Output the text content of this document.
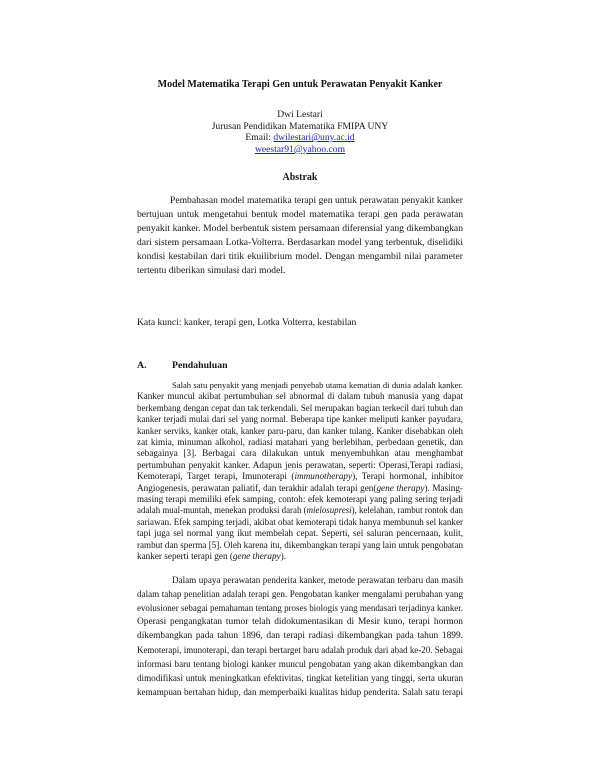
Model Matematika Terapi Gen untuk Perawatan Penyakit Kanker
Dwi Lestari
Jurusan Pendidikan Matematika FMIPA UNY
Email: dwilestari@uny.ac.id
weestar91@yahoo.com
Abstrak
Pembahasan model matematika terapi gen untuk perawatan penyakit kanker
bertujuan untuk mengetahui bentuk model matematika terapi gen pada perawatan
penyakit kanker. Model berbentuk sistem persamaan diferensial yang dikembangkan
dari sistem persamaan Lotka-Volterra. Berdasarkan model yang terbentuk, diselidiki
kondisi kestabilan dari titik ekuilibrium model. Dengan mengambil nilai parameter
tertentu diberikan simulasi dari model.
Kata kunci: kanker, terapi gen, Lotka Volterra, kestabilan
A.	Pendahuluan
Salah satu penyakit yang menjadi penyebab utama kematian di dunia adalah kanker.
Kanker muncul akibat pertumbuhan sel abnormal di dalam tubuh manusia yang dapat
berkembang dengan cepat dan tak terkendali. Sel merupakan bagian terkecil dari tubuh dan
kanker terjadi mulai dari sel yang normal. Beberapa tipe kanker meliputi kanker payudara,
kanker serviks, kanker otak, kanker paru-paru, dan kanker tulang. Kanker disebabkan oleh
zat kimia, minuman alkohol, radiasi matahari yang berlebihan, perbedaan genetik, dan
sebagainya [3]. Berbagai cara dilakukan untuk menyembuhkan atau menghambat
pertumbuhan penyakit kanker. Adapun jenis perawatan, seperti: Operasi,Terapi radiasi,
Kemoterapi, Target terapi, Imunoterapi (immunotherapy), Terapi hormonal, inhibitor
Angiogenesis, perawatan paliatif, dan terakhir adalah terapi gen(gene therapy). Masing-
masing terapi memiliki efek samping, contoh: efek kemoterapi yang paling sering terjadi
adalah mual-muntah, menekan produksi darah (mielosupresi), kelelahan, rambut rontok dan
sariawan. Efek samping terjadi, akibat obat kemoterapi tidak hanya membunuh sel kanker
tapi juga sel normal yang ikut membelah cepat. Seperti, sel saluran pencernaan, kulit,
rambut dan sperma [5]. Oleh karena itu, dikembangkan terapi yang lain untuk pengobatan
kanker seperti terapi gen (gene therapy).
Dalam upaya perawatan penderita kanker, metode perawatan terbaru dan masih
dalam tahap penelitian adalah terapi gen. Pengobatan kanker mengalami perubahan yang
evolusioner sebagai pemahaman tentang proses biologis yang mendasari terjadinya kanker.
Operasi pengangkatan tumor telah didokumentasikan di Mesir kuno, terapi hormon
dikembangkan pada tahun 1896, dan terapi radiasi dikembangkan pada tahun 1899.
Kemoterapi, imunoterapi, dan terapi bertarget baru adalah produk dari abad ke-20. Sebagai
informasi baru tentang biologi kanker muncul pengobatan yang akan dikembangkan dan
dimodifikasi untuk meningkatkan efektivitas, tingkat ketelitian yang tinggi, serta ukuran
kemampuan bertahan hidup, dan memperbaiki kualitas hidup penderita. Salah satu terapi
